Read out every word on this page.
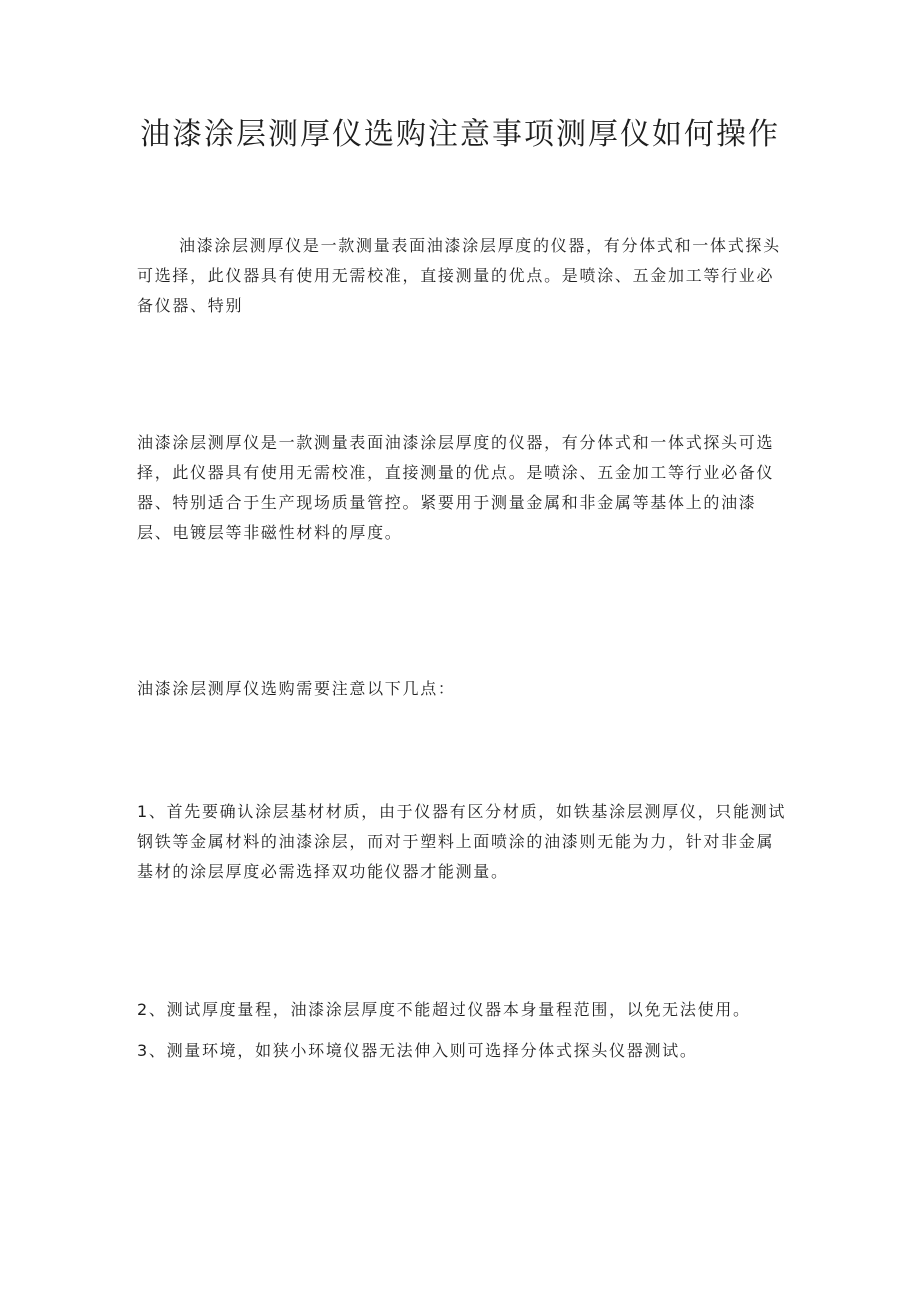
油漆涂层测厚仪选购注意事项测厚仪如何操作

油漆涂层测厚仪是一款测量表面油漆涂层厚度的仪器，有分体式和一体式探头可选择，此仪器具有使用无需校准，直接测量的优点。是喷涂、五金加工等行业必备仪器、特别

油漆涂层测厚仪是一款测量表面油漆涂层厚度的仪器，有分体式和一体式探头可选择，此仪器具有使用无需校准，直接测量的优点。是喷涂、五金加工等行业必备仪器、特别适合于生产现场质量管控。紧要用于测量金属和非金属等基体上的油漆层、电镀层等非磁性材料的厚度。

油漆涂层测厚仪选购需要注意以下几点：

1、首先要确认涂层基材材质，由于仪器有区分材质，如铁基涂层测厚仪，只能测试钢铁等金属材料的油漆涂层，而对于塑料上面喷涂的油漆则无能为力，针对非金属基材的涂层厚度必需选择双功能仪器才能测量。

2、测试厚度量程，油漆涂层厚度不能超过仪器本身量程范围，以免无法使用。

3、测量环境，如狭小环境仪器无法伸入则可选择分体式探头仪器测试。
